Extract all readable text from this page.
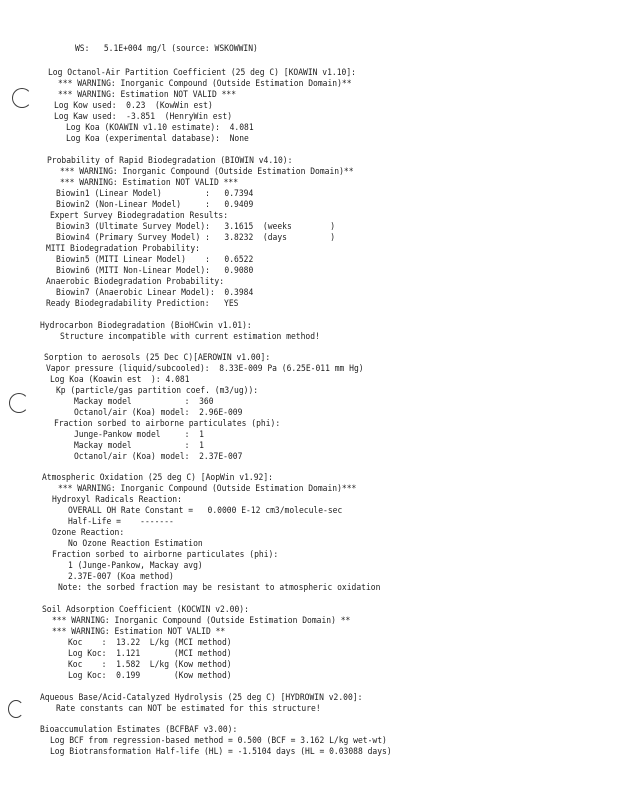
WS:   5.1E+004 mg/l (source: WSKOWWIN)
Log Octanol-Air Partition Coefficient (25 deg C) [KOAWIN v1.10]:
*** WARNING: Inorganic Compound (Outside Estimation Domain)**
*** WARNING: Estimation NOT VALID ***
Log Kow used:  0.23  (KowWin est)
Log Kaw used:  -3.851  (HenryWin est)
Log Koa (KOAWIN v1.10 estimate):  4.081
Log Koa (experimental database):  None
Probability of Rapid Biodegradation (BIOWIN v4.10):
*** WARNING: Inorganic Compound (Outside Estimation Domain)**
*** WARNING: Estimation NOT VALID ***
Biowin1 (Linear Model)         :   0.7394
Biowin2 (Non-Linear Model)     :   0.9409
Expert Survey Biodegradation Results:
Biowin3 (Ultimate Survey Model):   3.1615  (weeks        )
Biowin4 (Primary Survey Model) :   3.8232  (days         )
MITI Biodegradation Probability:
Biowin5 (MITI Linear Model)    :   0.6522
Biowin6 (MITI Non-Linear Model):   0.9080
Anaerobic Biodegradation Probability:
Biowin7 (Anaerobic Linear Model):  0.3984
Ready Biodegradability Prediction:   YES
Hydrocarbon Biodegradation (BioHCwin v1.01):
Structure incompatible with current estimation method!
Sorption to aerosols (25 Dec C)[AEROWIN v1.00]:
Vapor pressure (liquid/subcooled):  8.33E-009 Pa (6.25E-011 mm Hg)
Log Koa (Koawin est  ): 4.081
Kp (particle/gas partition coef. (m3/ug)):
Mackay model           :  360
Octanol/air (Koa) model:  2.96E-009
Fraction sorbed to airborne particulates (phi):
Junge-Pankow model     :  1
Mackay model           :  1
Octanol/air (Koa) model:  2.37E-007
Atmospheric Oxidation (25 deg C) [AopWin v1.92]:
*** WARNING: Inorganic Compound (Outside Estimation Domain)***
Hydroxyl Radicals Reaction:
OVERALL OH Rate Constant =   0.0000 E-12 cm3/molecule-sec
Half-Life =    -------
Ozone Reaction:
No Ozone Reaction Estimation
Fraction sorbed to airborne particulates (phi):
1 (Junge-Pankow, Mackay avg)
2.37E-007 (Koa method)
Note: the sorbed fraction may be resistant to atmospheric oxidation
Soil Adsorption Coefficient (KOCWIN v2.00):
*** WARNING: Inorganic Compound (Outside Estimation Domain) **
*** WARNING: Estimation NOT VALID **
Koc    :  13.22  L/kg (MCI method)
Log Koc:  1.121       (MCI method)
Koc    :  1.582  L/kg (Kow method)
Log Koc:  0.199       (Kow method)
Aqueous Base/Acid-Catalyzed Hydrolysis (25 deg C) [HYDROWIN v2.00]:
Rate constants can NOT be estimated for this structure!
Bioaccumulation Estimates (BCFBAF v3.00):
Log BCF from regression-based method = 0.500 (BCF = 3.162 L/kg wet-wt)
Log Biotransformation Half-life (HL) = -1.5104 days (HL = 0.03088 days)
